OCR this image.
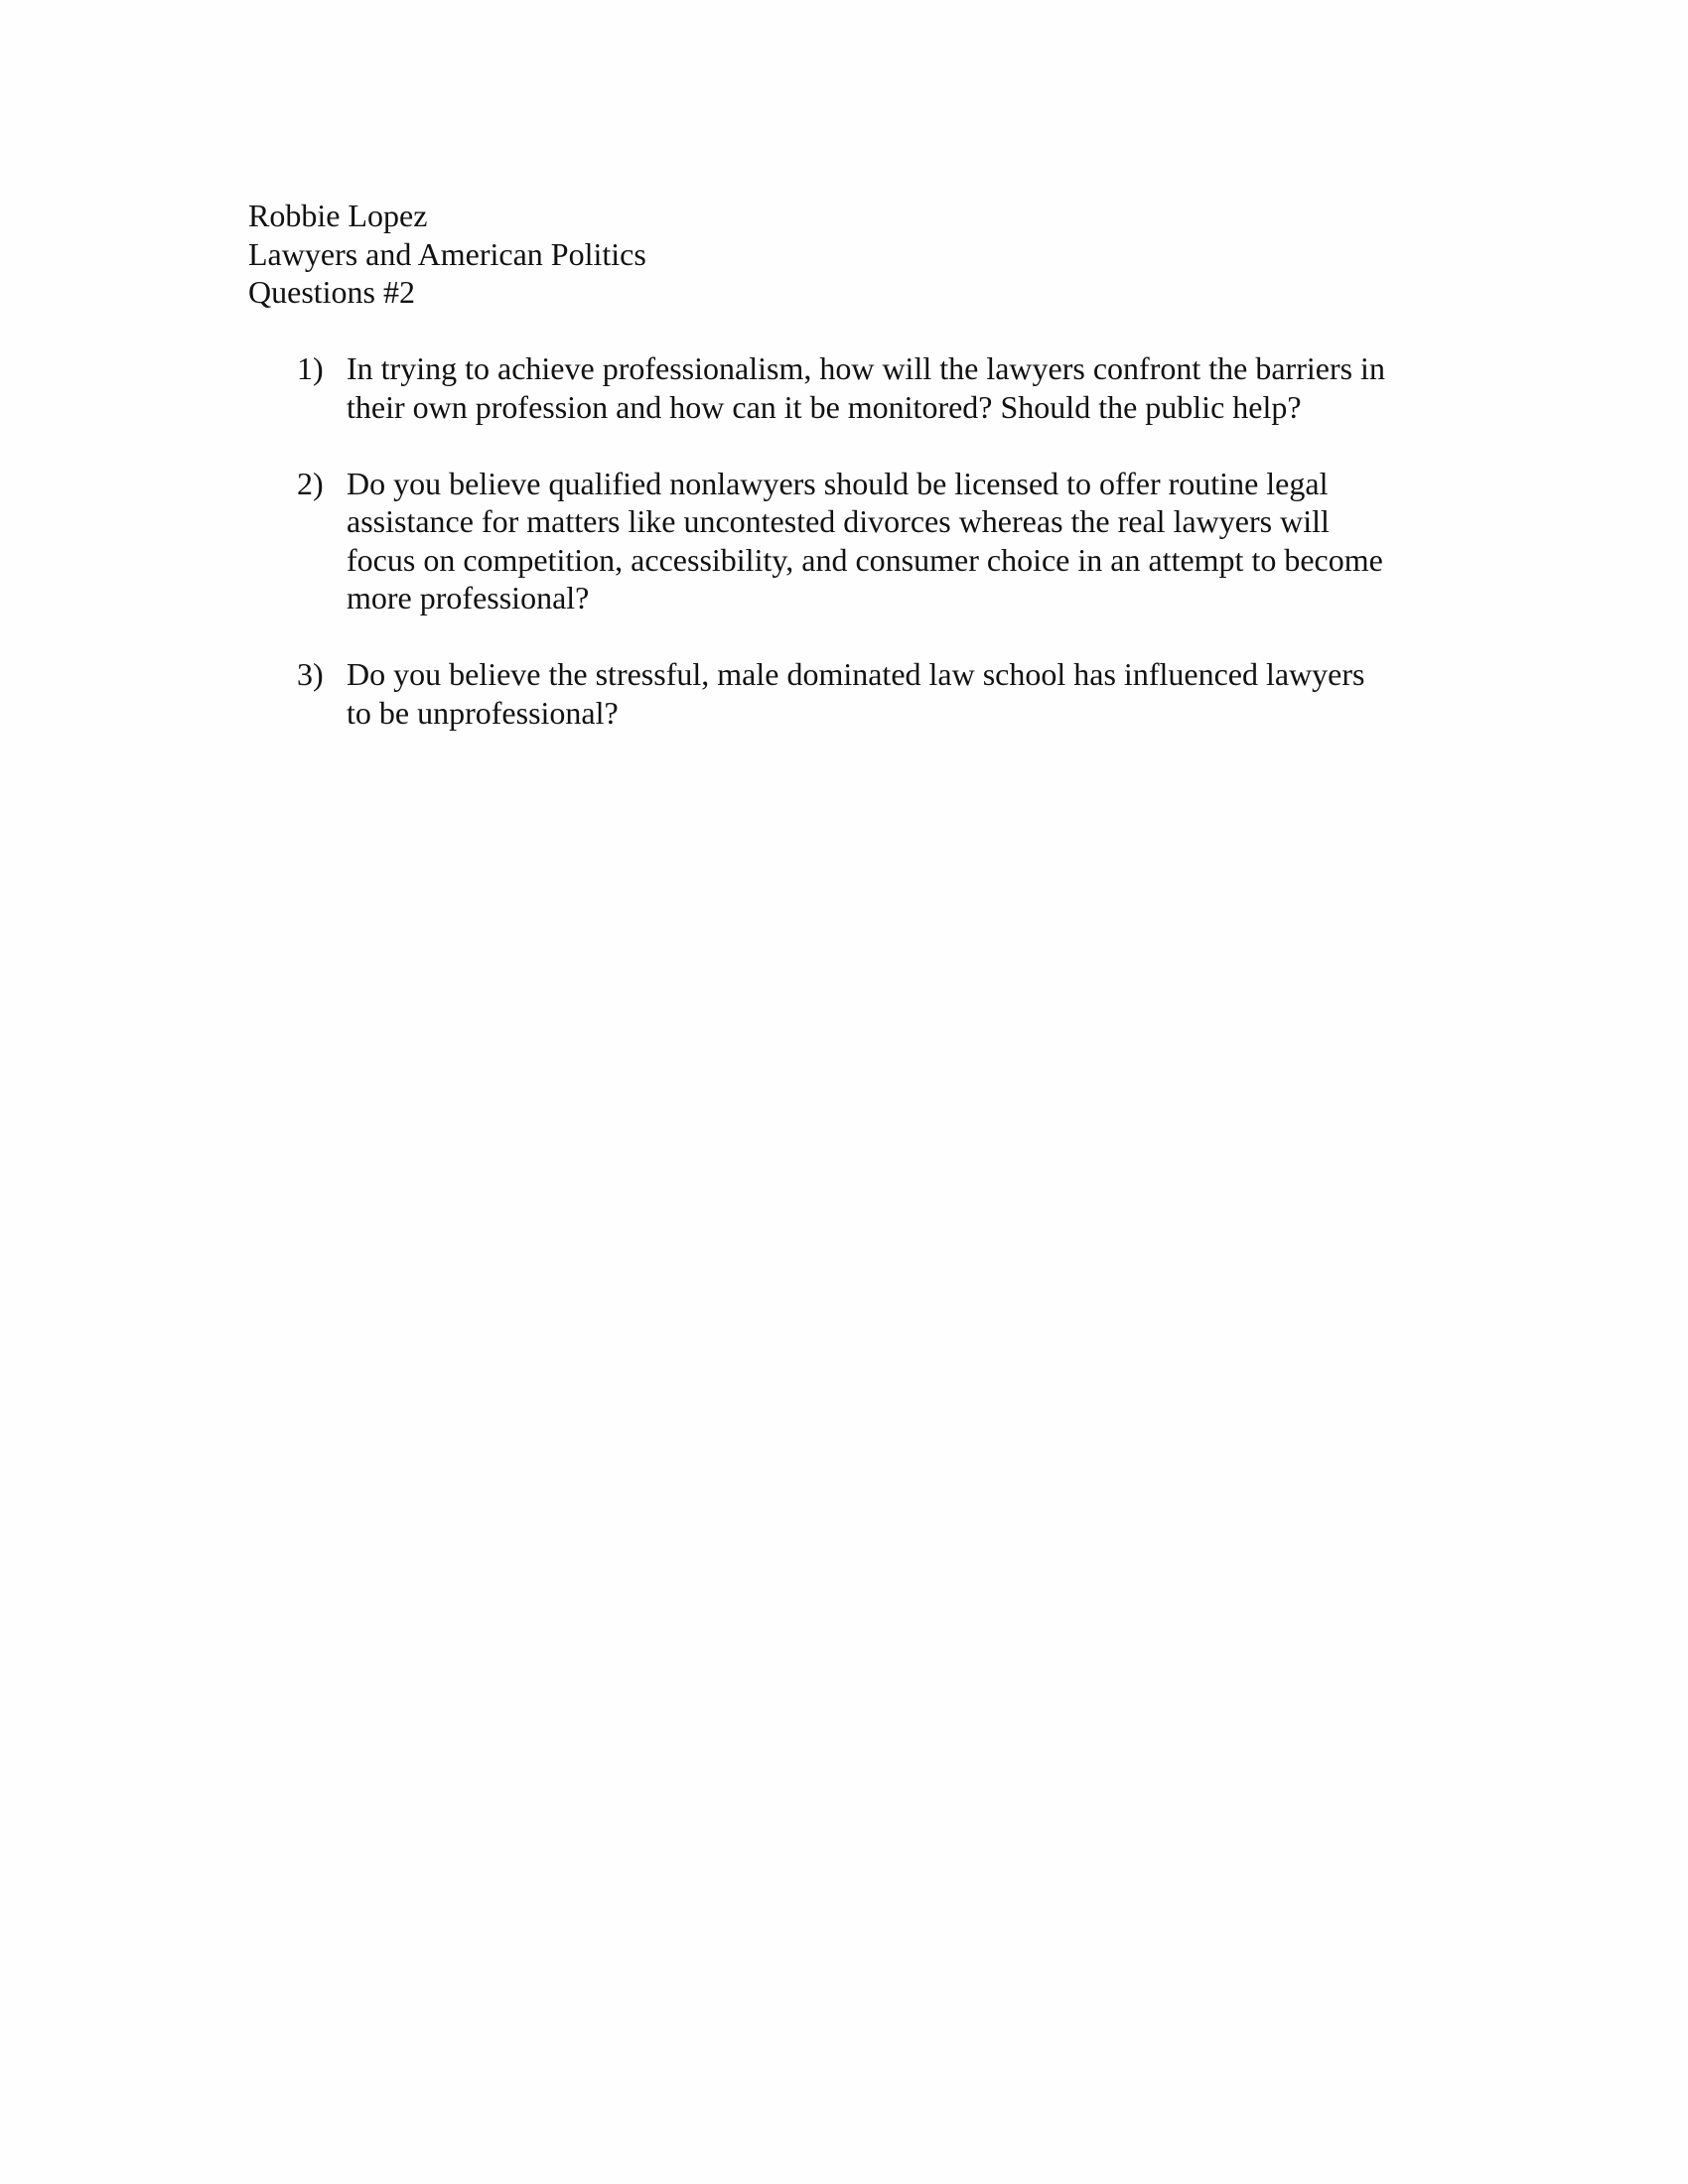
Robbie Lopez
Lawyers and American Politics
Questions #2
1) In trying to achieve professionalism, how will the lawyers confront the barriers in
their own profession and how can it be monitored? Should the public help?
2) Do you believe qualified nonlawyers should be licensed to offer routine legal
assistance for matters like uncontested divorces whereas the real lawyers will
focus on competition, accessibility, and consumer choice in an attempt to become
more professional?
3) Do you believe the stressful, male dominated law school has influenced lawyers
to be unprofessional?
